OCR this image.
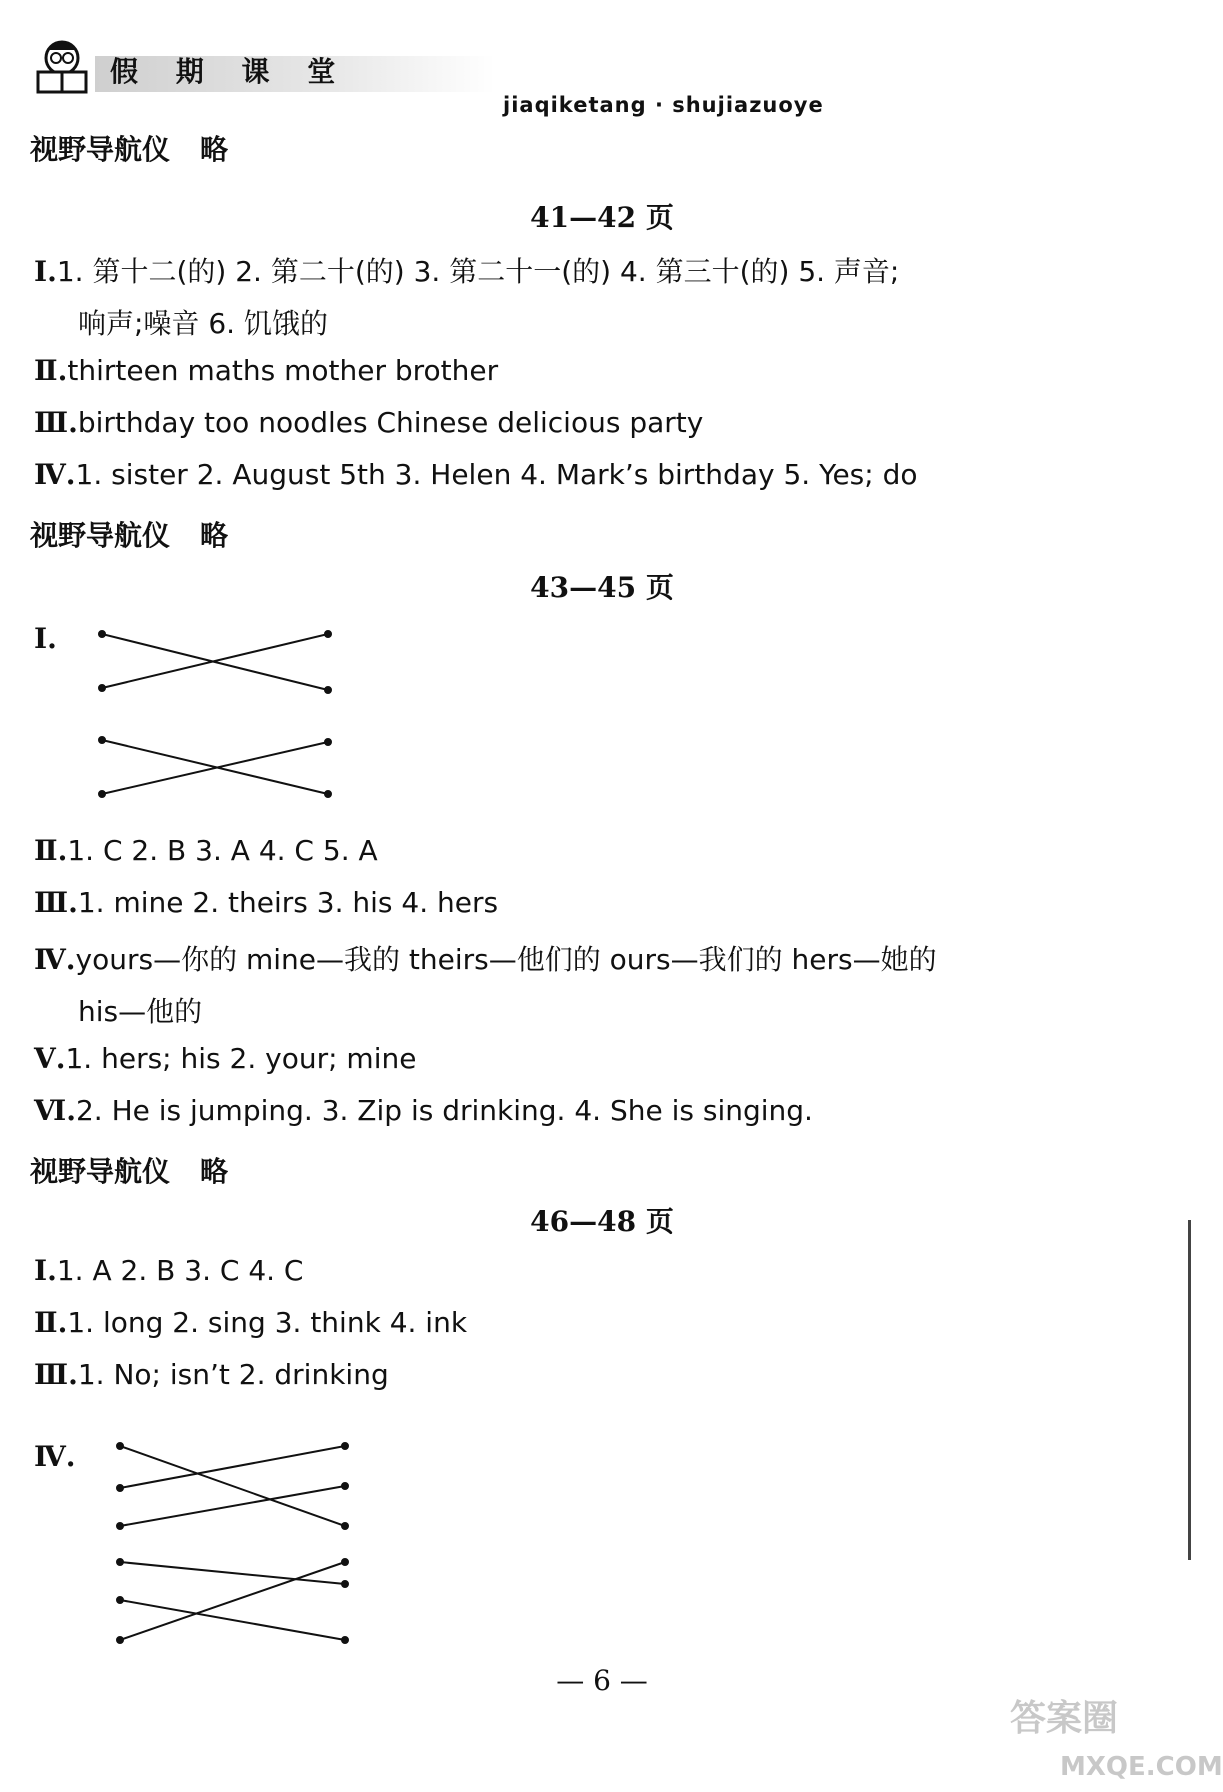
假 期 课 堂
jiaqiketang · shujiazuoye
视野导航仪 略
41—42 页
Ⅰ.1. 第十二(的) 2. 第二十(的) 3. 第二十一(的) 4. 第三十(的) 5. 声音;
响声;噪音 6. 饥饿的
Ⅱ.thirteen maths mother brother
Ⅲ.birthday too noodles Chinese delicious party
Ⅳ.1. sister 2. August 5th 3. Helen 4. Mark’s birthday 5. Yes; do
视野导航仪 略
43—45 页
Ⅰ.
Ⅱ.1. C 2. B 3. A 4. C 5. A
Ⅲ.1. mine 2. theirs 3. his 4. hers
Ⅳ.yours—你的 mine—我的 theirs—他们的 ours—我们的 hers—她的
his—他的
Ⅴ.1. hers; his 2. your; mine
Ⅵ.2. He is jumping. 3. Zip is drinking. 4. She is singing.
视野导航仪 略
46—48 页
Ⅰ.1. A 2. B 3. C 4. C
Ⅱ.1. long 2. sing 3. think 4. ink
Ⅲ.1. No; isn’t 2. drinking
Ⅳ.
— 6 —
答案圈
MXQE.COM
